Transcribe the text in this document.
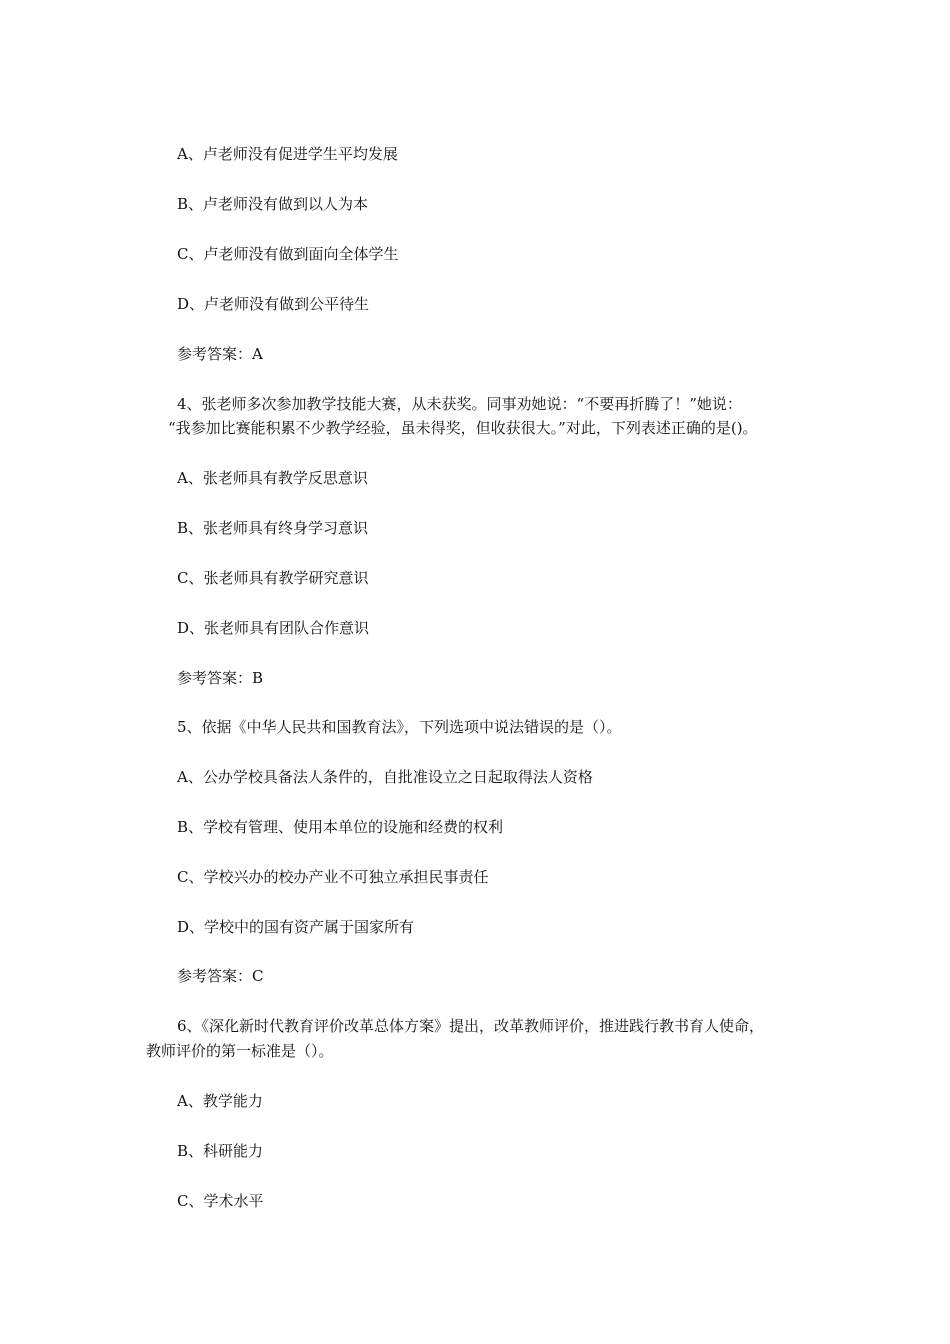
A、卢老师没有促进学生平均发展
B、卢老师没有做到以人为本
C、卢老师没有做到面向全体学生
D、卢老师没有做到公平待生
参考答案：A
4、张老师多次参加教学技能大赛，从未获奖。同事劝她说：“不要再折腾了！”她说：
“我参加比赛能积累不少教学经验，虽未得奖，但收获很大。”对此，下列表述正确的是()。
A、张老师具有教学反思意识
B、张老师具有终身学习意识
C、张老师具有教学研究意识
D、张老师具有团队合作意识
参考答案：B
5、依据《中华人民共和国教育法》，下列选项中说法错误的是（）。
A、公办学校具备法人条件的，自批准设立之日起取得法人资格
B、学校有管理、使用本单位的设施和经费的权利
C、学校兴办的校办产业不可独立承担民事责任
D、学校中的国有资产属于国家所有
参考答案：C
6、《深化新时代教育评价改革总体方案》提出，改革教师评价，推进践行教书育人使命，
教师评价的第一标准是（）。
A、教学能力
B、科研能力
C、学术水平
